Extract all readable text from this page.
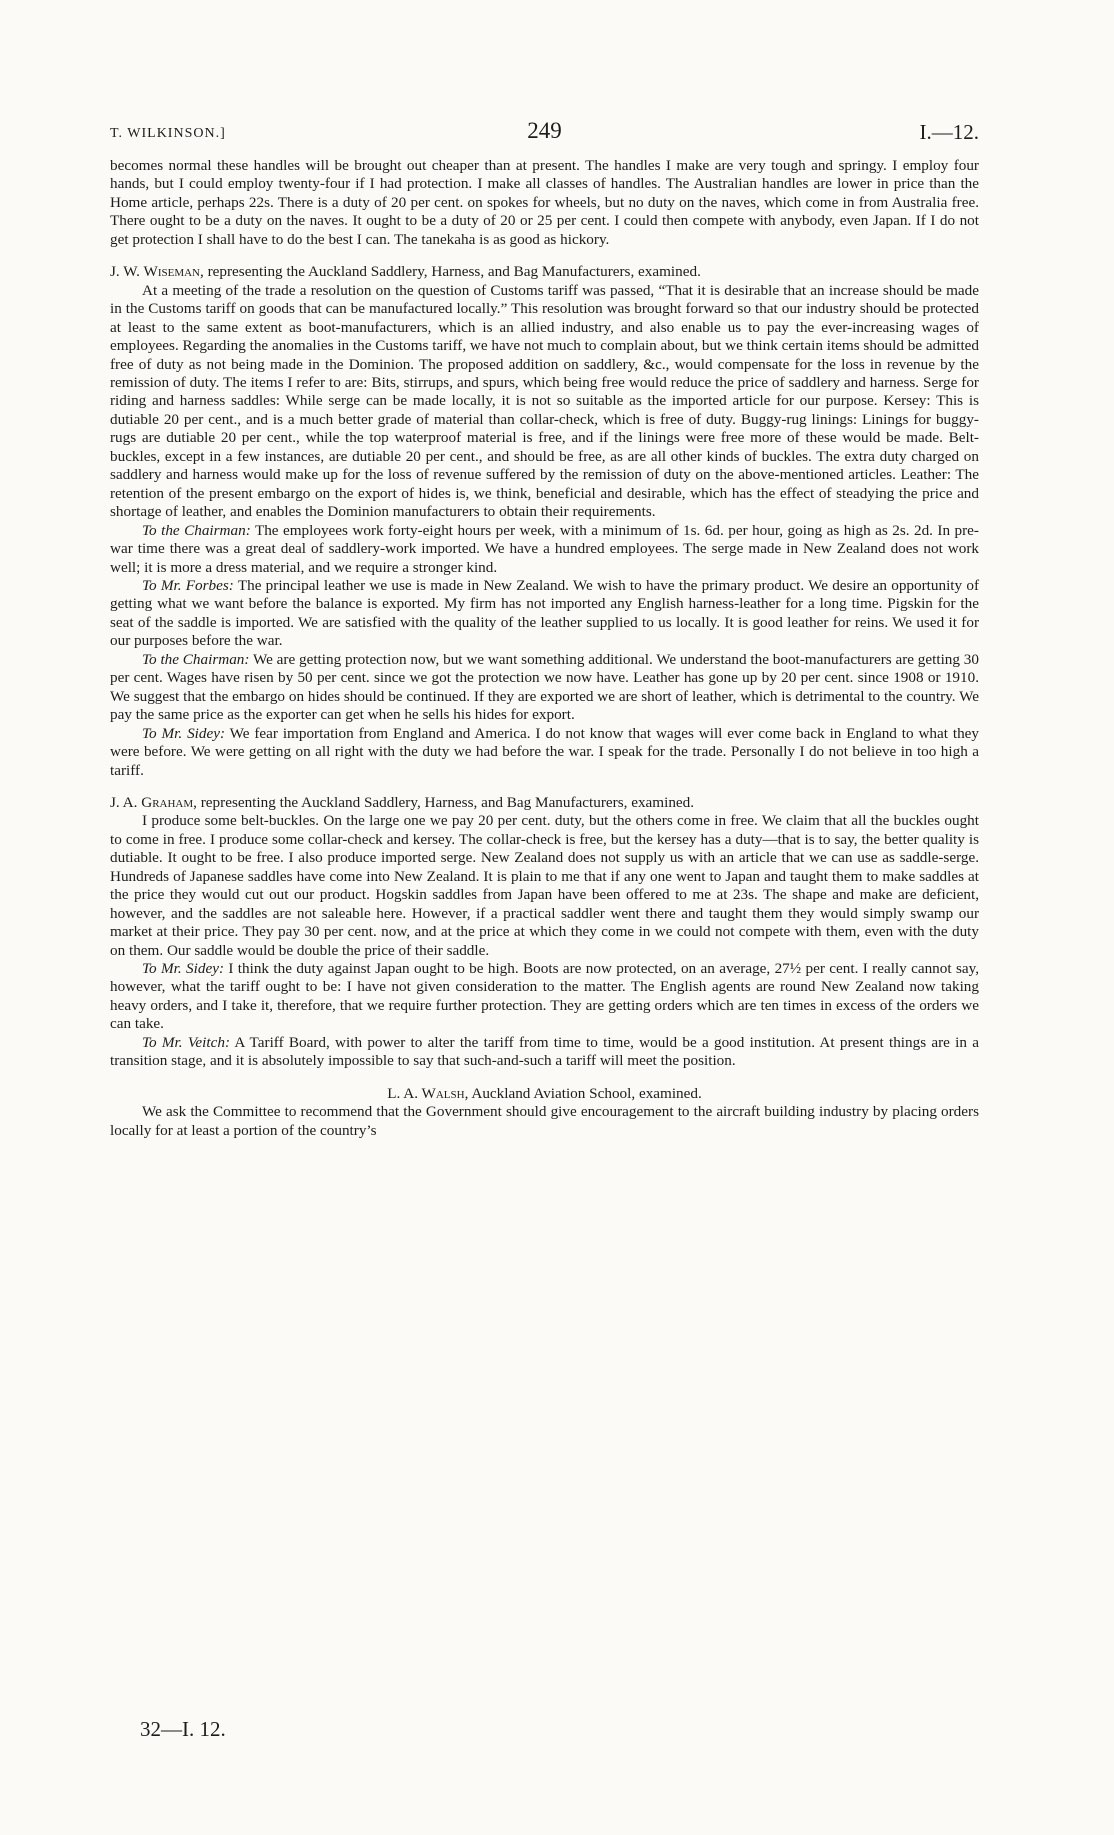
T. WILKINSON.]	249	I.—12.

becomes normal these handles will be brought out cheaper than at present. The handles I make are very tough and springy. I employ four hands, but I could employ twenty-four if I had protection. I make all classes of handles. The Australian handles are lower in price than the Home article, perhaps 22s. There is a duty of 20 per cent. on spokes for wheels, but no duty on the naves, which come in from Australia free. There ought to be a duty on the naves. It ought to be a duty of 20 or 25 per cent. I could then compete with anybody, even Japan. If I do not get protection I shall have to do the best I can. The tanekaha is as good as hickory.

J. W. Wiseman, representing the Auckland Saddlery, Harness, and Bag Manufacturers, examined.

At a meeting of the trade a resolution on the question of Customs tariff was passed, “That it is desirable that an increase should be made in the Customs tariff on goods that can be manufactured locally.” This resolution was brought forward so that our industry should be protected at least to the same extent as boot-manufacturers, which is an allied industry, and also enable us to pay the ever-increasing wages of employees. Regarding the anomalies in the Customs tariff, we have not much to complain about, but we think certain items should be admitted free of duty as not being made in the Dominion. The proposed addition on saddlery, &c., would compensate for the loss in revenue by the remission of duty. The items I refer to are: Bits, stirrups, and spurs, which being free would reduce the price of saddlery and harness. Serge for riding and harness saddles: While serge can be made locally, it is not so suitable as the imported article for our purpose. Kersey: This is dutiable 20 per cent., and is a much better grade of material than collar-check, which is free of duty. Buggy-rug linings: Linings for buggy-rugs are dutiable 20 per cent., while the top waterproof material is free, and if the linings were free more of these would be made. Belt-buckles, except in a few instances, are dutiable 20 per cent., and should be free, as are all other kinds of buckles. The extra duty charged on saddlery and harness would make up for the loss of revenue suffered by the remission of duty on the above-mentioned articles. Leather: The retention of the present embargo on the export of hides is, we think, beneficial and desirable, which has the effect of steadying the price and shortage of leather, and enables the Dominion manufacturers to obtain their requirements.

To the Chairman: The employees work forty-eight hours per week, with a minimum of 1s. 6d. per hour, going as high as 2s. 2d. In pre-war time there was a great deal of saddlery-work imported. We have a hundred employees. The serge made in New Zealand does not work well; it is more a dress material, and we require a stronger kind.

To Mr. Forbes: The principal leather we use is made in New Zealand. We wish to have the primary product. We desire an opportunity of getting what we want before the balance is exported. My firm has not imported any English harness-leather for a long time. Pigskin for the seat of the saddle is imported. We are satisfied with the quality of the leather supplied to us locally. It is good leather for reins. We used it for our purposes before the war.

To the Chairman: We are getting protection now, but we want something additional. We understand the boot-manufacturers are getting 30 per cent. Wages have risen by 50 per cent. since we got the protection we now have. Leather has gone up by 20 per cent. since 1908 or 1910. We suggest that the embargo on hides should be continued. If they are exported we are short of leather, which is detrimental to the country. We pay the same price as the exporter can get when he sells his hides for export.

To Mr. Sidey: We fear importation from England and America. I do not know that wages will ever come back in England to what they were before. We were getting on all right with the duty we had before the war. I speak for the trade. Personally I do not believe in too high a tariff.

J. A. Graham, representing the Auckland Saddlery, Harness, and Bag Manufacturers, examined.

I produce some belt-buckles. On the large one we pay 20 per cent. duty, but the others come in free. We claim that all the buckles ought to come in free. I produce some collar-check and kersey. The collar-check is free, but the kersey has a duty—that is to say, the better quality is dutiable. It ought to be free. I also produce imported serge. New Zealand does not supply us with an article that we can use as saddle-serge. Hundreds of Japanese saddles have come into New Zealand. It is plain to me that if any one went to Japan and taught them to make saddles at the price they would cut out our product. Hogskin saddles from Japan have been offered to me at 23s. The shape and make are deficient, however, and the saddles are not saleable here. However, if a practical saddler went there and taught them they would simply swamp our market at their price. They pay 30 per cent. now, and at the price at which they come in we could not compete with them, even with the duty on them. Our saddle would be double the price of their saddle.

To Mr. Sidey: I think the duty against Japan ought to be high. Boots are now protected, on an average, 27½ per cent. I really cannot say, however, what the tariff ought to be: I have not given consideration to the matter. The English agents are round New Zealand now taking heavy orders, and I take it, therefore, that we require further protection. They are getting orders which are ten times in excess of the orders we can take.

To Mr. Veitch: A Tariff Board, with power to alter the tariff from time to time, would be a good institution. At present things are in a transition stage, and it is absolutely impossible to say that such-and-such a tariff will meet the position.

L. A. Walsh, Auckland Aviation School, examined.

We ask the Committee to recommend that the Government should give encouragement to the aircraft building industry by placing orders locally for at least a portion of the country’s

32—I. 12.
